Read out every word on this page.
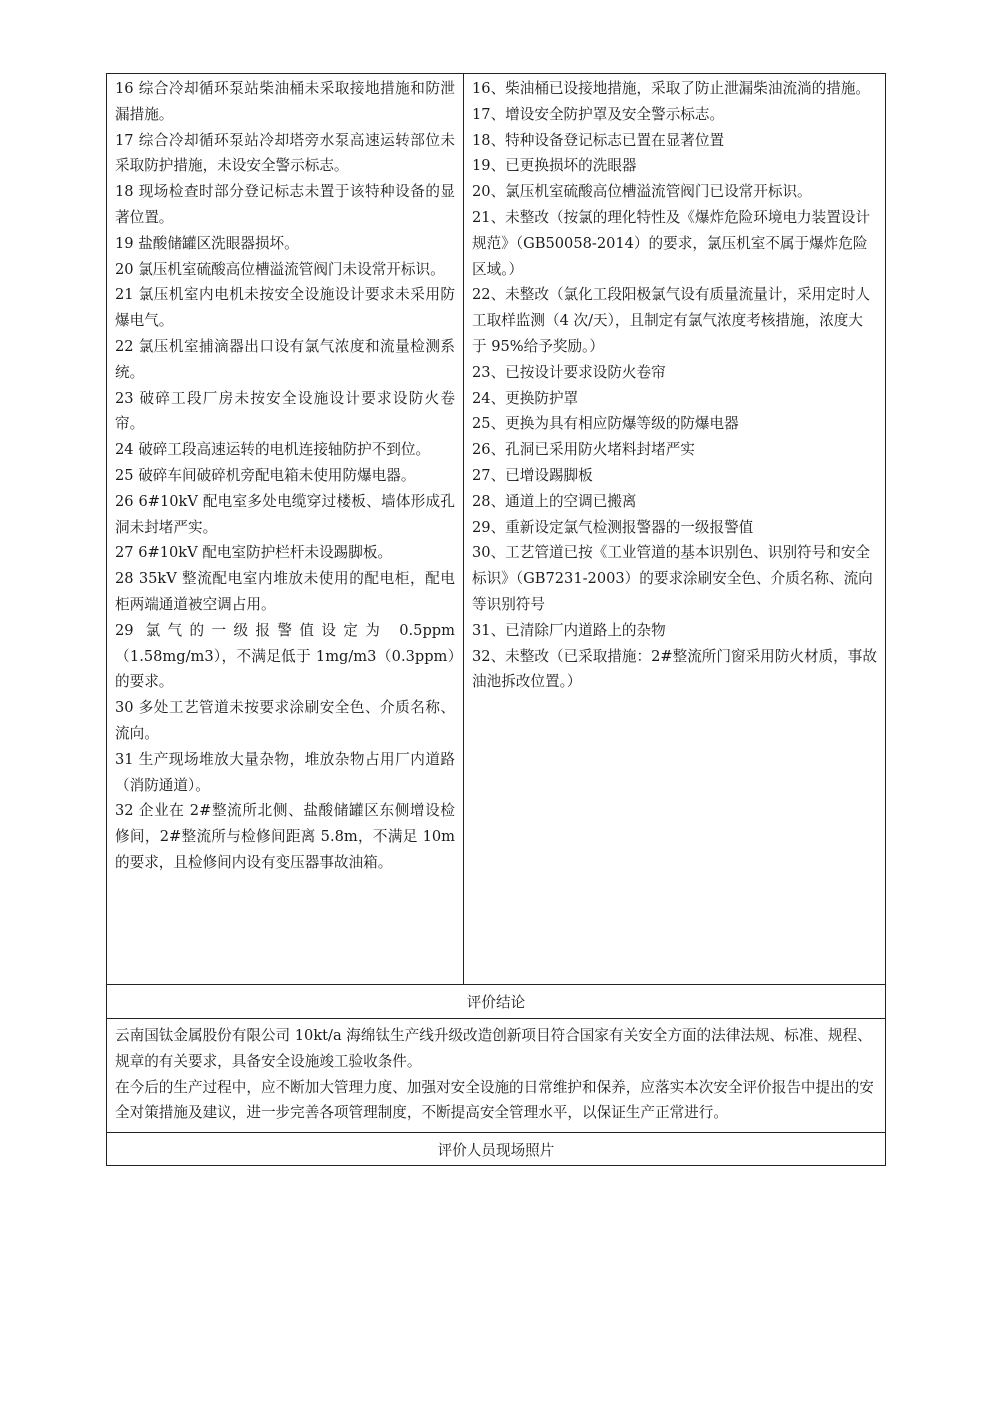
16 综合冷却循环泵站柴油桶未采取接地措施和防泄漏措施。

17 综合冷却循环泵站冷却塔旁水泵高速运转部位未采取防护措施，未设安全警示标志。

18 现场检查时部分登记标志未置于该特种设备的显著位置。

19 盐酸储罐区洗眼器损坏。

20 氯压机室硫酸高位槽溢流管阀门未设常开标识。

21 氯压机室内电机未按安全设施设计要求未采用防爆电气。

22 氯压机室捕滴器出口设有氯气浓度和流量检测系统。

23 破碎工段厂房未按安全设施设计要求设防火卷帘。

24 破碎工段高速运转的电机连接轴防护不到位。

25 破碎车间破碎机旁配电箱未使用防爆电器。

26 6#10kV 配电室多处电缆穿过楼板、墙体形成孔洞未封堵严实。

27 6#10kV 配电室防护栏杆未设踢脚板。

28 35kV 整流配电室内堆放未使用的配电柜，配电柜两端通道被空调占用。

29 氯气的一级报警值设定为 0.5ppm（1.58mg/m3），不满足低于 1mg/m3（0.3ppm）的要求。

30 多处工艺管道未按要求涂刷安全色、介质名称、流向。

31 生产现场堆放大量杂物，堆放杂物占用厂内道路（消防通道）。

32 企业在 2#整流所北侧、盐酸储罐区东侧增设检修间，2#整流所与检修间距离 5.8m，不满足 10m 的要求，且检修间内设有变压器事故油箱。

16、柴油桶已设接地措施，采取了防止泄漏柴油流淌的措施。

17、增设安全防护罩及安全警示标志。

18、特种设备登记标志已置在显著位置

19、已更换损坏的洗眼器

20、氯压机室硫酸高位槽溢流管阀门已设常开标识。

21、未整改（按氯的理化特性及《爆炸危险环境电力装置设计规范》（GB50058-2014）的要求，氯压机室不属于爆炸危险区域。）

22、未整改（氯化工段阳极氯气设有质量流量计，采用定时人工取样监测（4 次/天），且制定有氯气浓度考核措施，浓度大于 95%给予奖励。）

23、已按设计要求设防火卷帘

24、更换防护罩

25、更换为具有相应防爆等级的防爆电器

26、孔洞已采用防火堵料封堵严实

27、已增设踢脚板

28、通道上的空调已搬离

29、重新设定氯气检测报警器的一级报警值

30、工艺管道已按《工业管道的基本识别色、识别符号和安全标识》（GB7231-2003）的要求涂刷安全色、介质名称、流向等识别符号

31、已清除厂内道路上的杂物

32、未整改（已采取措施：2#整流所门窗采用防火材质，事故油池拆改位置。）

评价结论

云南国钛金属股份有限公司 10kt/a 海绵钛生产线升级改造创新项目符合国家有关安全方面的法律法规、标准、规程、规章的有关要求，具备安全设施竣工验收条件。

在今后的生产过程中，应不断加大管理力度、加强对安全设施的日常维护和保养，应落实本次安全评价报告中提出的安全对策措施及建议，进一步完善各项管理制度，不断提高安全管理水平，以保证生产正常进行。

评价人员现场照片
